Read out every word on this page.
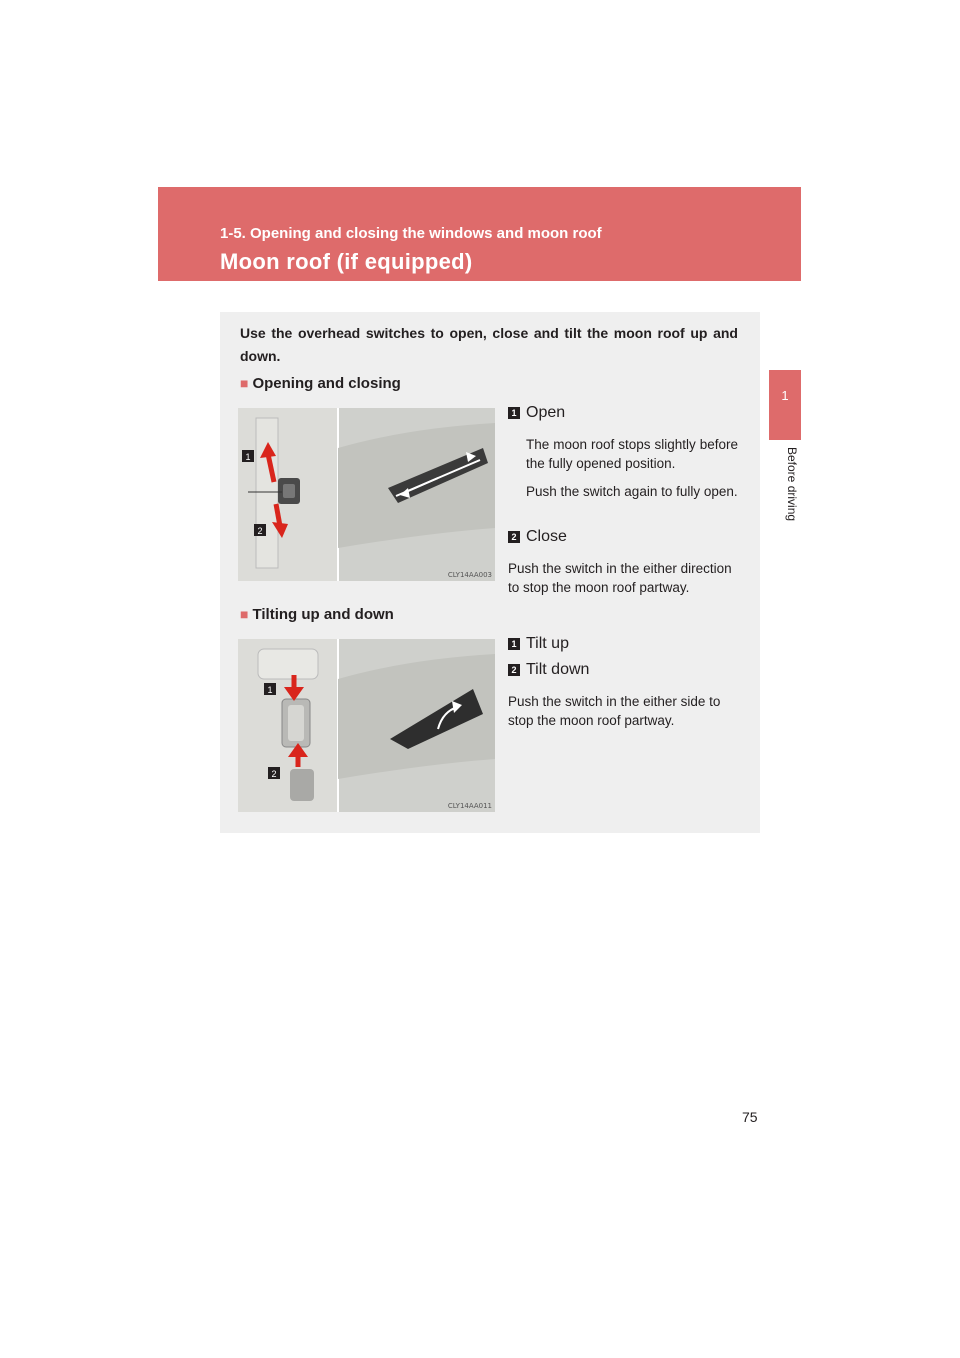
1-5. Opening and closing the windows and moon roof
Moon roof (if equipped)
1
Before driving
Use the overhead switches to open, close and tilt the moon roof up and down.
■ Opening and closing
1
2
CLY14AA003
1 Open
The moon roof stops slightly before the fully opened position.
Push the switch again to fully open.
2 Close
Push the switch in the either direction to stop the moon roof partway.
■ Tilting up and down
1
2
CLY14AA011
1 Tilt up
2 Tilt down
Push the switch in the either side to stop the moon roof partway.
75
